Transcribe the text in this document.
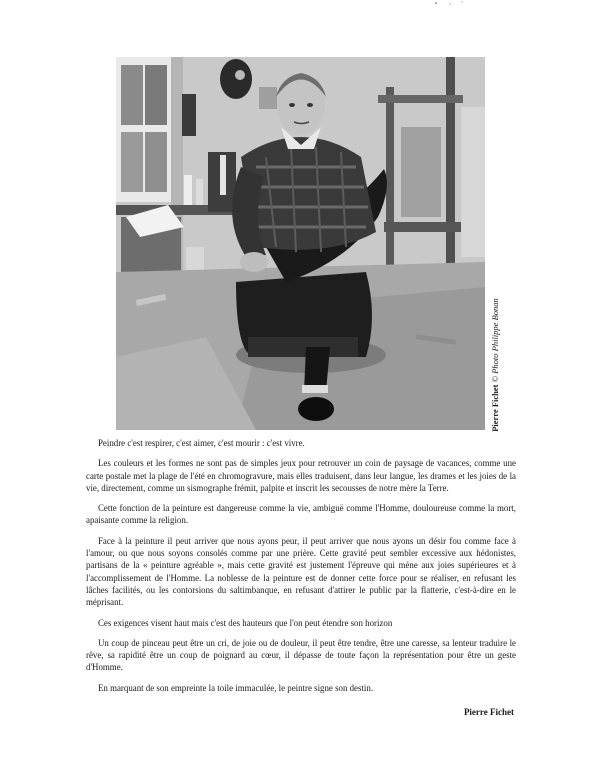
Pierre Fichet © Photo Philippe Bonan

Peindre c'est respirer, c'est aimer, c'est mourir : c'est vivre.

Les couleurs et les formes ne sont pas de simples jeux pour retrouver un coin de paysage de vacances, comme une carte postale met la plage de l'été en chromogravure, mais elles traduisent, dans leur langue, les drames et les joies de la vie, directement, comme un sismographe frémit, palpite et inscrit les secousses de notre mère la Terre.

Cette fonction de la peinture est dangereuse comme la vie, ambiguë comme l'Homme, douloureuse comme la mort, apaisante comme la religion.

Face à la peinture il peut arriver que nous ayons peur, il peut arriver que nous ayons un désir fou comme face à l'amour, ou que nous soyons consolés comme par une prière. Cette gravité peut sembler excessive aux hédonistes, partisans de la « peinture agréable », mais cette gravité est justement l'épreuve qui mène aux joies supérieures et à l'accomplissement de l'Homme. La noblesse de la peinture est de donner cette force pour se réaliser, en refusant les lâches facilités, ou les contorsions du saltimbanque, en refusant d'attirer le public par la flatterie, c'est-à-dire en le méprisant.

Ces exigences visent haut mais c'est des hauteurs que l'on peut étendre son horizon

Un coup de pinceau peut être un cri, de joie ou de douleur, il peut être tendre, être une caresse, sa lenteur traduire le rêve, sa rapidité être un coup de poignard au cœur, il dépasse de toute façon la représentation pour être un geste d'Homme.

En marquant de son empreinte la toile immaculée, le peintre signe son destin.

Pierre Fichet
